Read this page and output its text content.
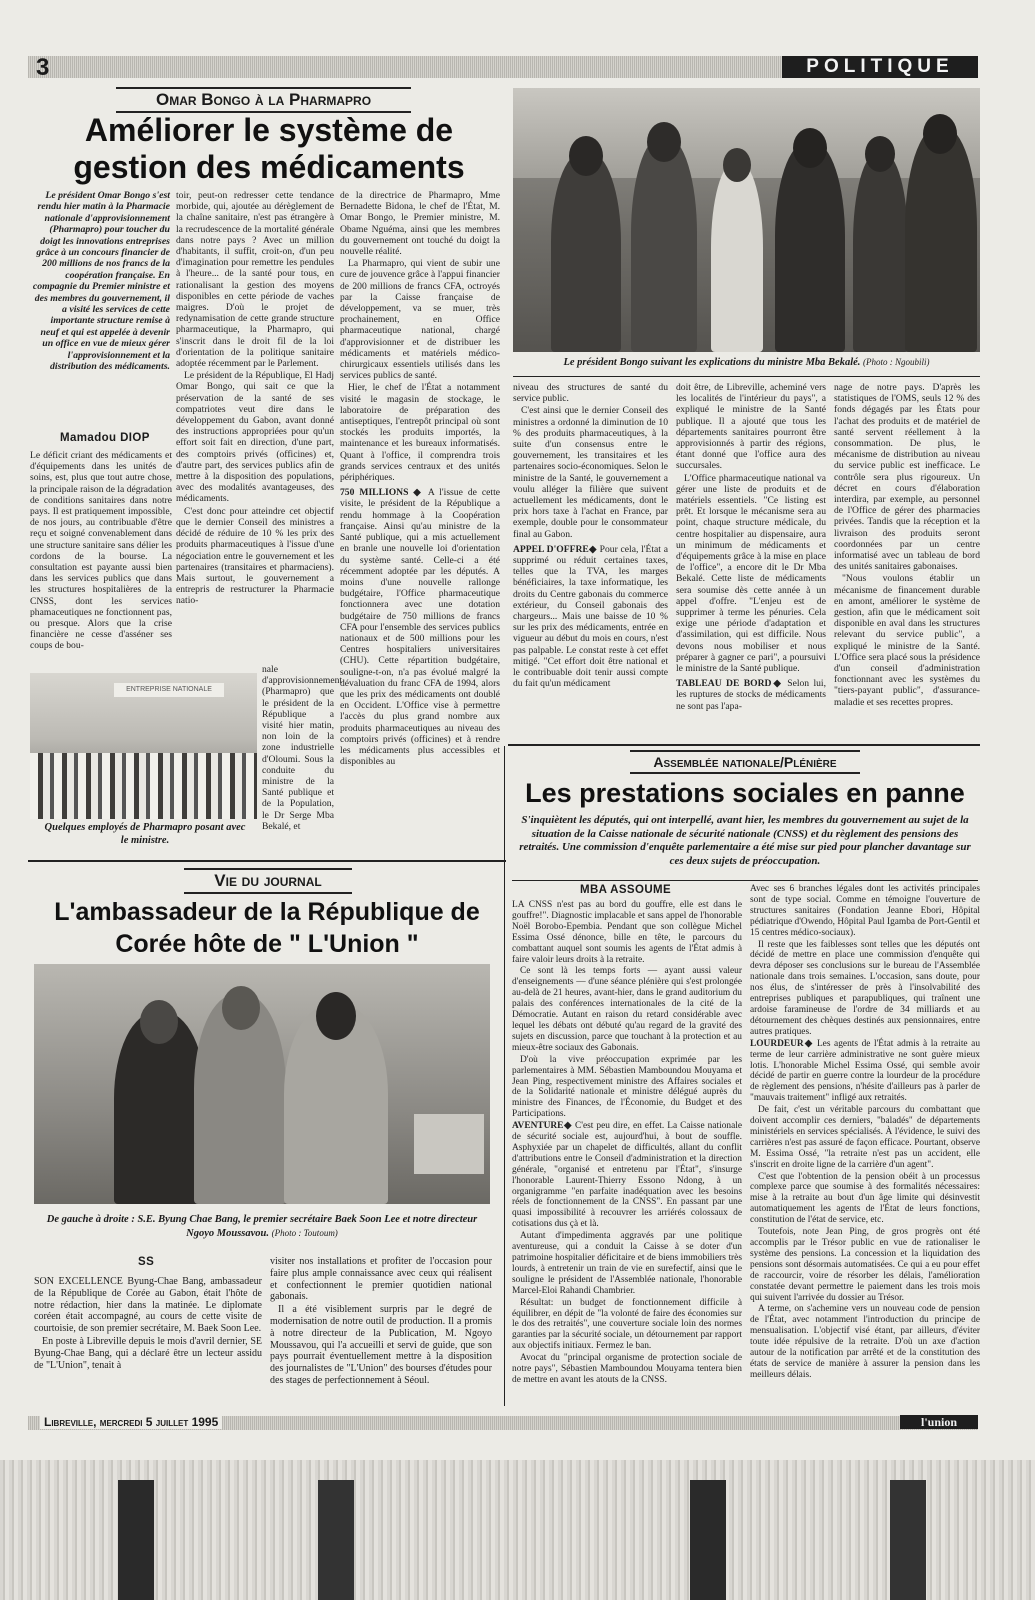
3	POLITIQUE
Omar Bongo à la Pharmapro
Améliorer le système de
gestion des médicaments
Le président Bongo suivant les explications du ministre Mba Bekalé. (Photo : Ngoubili)
Le président Omar Bongo s'est rendu hier matin à la Pharmacie nationale d'approvisionnement (Pharmapro) pour toucher du doigt les innovations entreprises grâce à un concours financier de 200 millions de nos francs de la coopération française. En compagnie du Premier ministre et des membres du gouvernement, il a visité les services de cette importante structure remise à neuf et qui est appelée à devenir un office en vue de mieux gérer l'approvisionnement et la distribution des médicaments.
Mamadou DIOP

Le déficit criant des médicaments et d'équipements dans les unités de soins, est, plus que tout autre chose, la principale raison de la dégradation de conditions sanitaires dans notre pays. Il est pratiquement impossible, de nos jours, au contribuable d'être reçu et soigné convenablement dans une structure sanitaire sans délier les cordons de la bourse. La consultation est payante aussi bien dans les services publics que dans les structures hospitalières de la CNSS, dont les services phamaceutiques ne fonctionnent pas, ou presque. Alors que la crise financière ne cesse d'asséner ses coups de bou-

ENTREPRISE NATIONALE
Quelques employés de Pharmapro posant avec le ministre.

toir, peut-on redresser cette tendance morbide, qui, ajoutée au dérèglement de la chaîne sanitaire, n'est pas étrangère à la recrudescence de la mortalité générale dans notre pays ? Avec un million d'habitants, il suffit, croit-on, d'un peu d'imagination pour remettre les pendules à l'heure... de la santé pour tous, en rationalisant la gestion des moyens disponibles en cette période de vaches maigres. D'où le projet de redynamisation de cette grande structure pharmaceutique, la Pharmapro, qui s'inscrit dans le droit fil de la loi d'orientation de la politique sanitaire adoptée récemment par le Parlement.

Le président de la République, El Hadj Omar Bongo, qui sait ce que la préservation de la santé de ses compatriotes veut dire dans le développement du Gabon, avant donné des instructions appropriées pour qu'un effort soit fait en direction, d'une part, des comptoirs privés (officines) et, d'autre part, des services publics afin de mettre à la disposition des populations, avec des modalités avantageuses, des médicaments.

C'est donc pour atteindre cet objectif que le dernier Conseil des ministres a décidé de réduire de 10 % les prix des produits pharmaceutiques à l'issue d'une négociation entre le gouvernement et les partenaires (transitaires et pharmaciens). Mais surtout, le gouvernement a entrepris de restructurer la Pharmacie natio-

nale d'approvisionnement (Pharmapro) que le président de la République a visité hier matin, non loin de la zone industrielle d'Oloumi. Sous la conduite du ministre de la Santé publique et de la Population, le Dr Serge Mba Bekalé, et

de la directrice de Pharmapro, Mme Bernadette Bidona, le chef de l'État, M. Omar Bongo, le Premier ministre, M. Obame Nguéma, ainsi que les membres du gouvernement ont touché du doigt la nouvelle réalité.

La Pharmapro, qui vient de subir une cure de jouvence grâce à l'appui financier de 200 millions de francs CFA, octroyés par la Caisse française de développement, va se muer, très prochainement, en Office pharmaceutique national, chargé d'approvisionner et de distribuer les médicaments et matériels médico-chirurgicaux essentiels utilisés dans les services publics de santé.

Hier, le chef de l'État a notamment visité le magasin de stockage, le laboratoire de préparation des antiseptiques, l'entrepôt principal où sont stockés les produits importés, la maintenance et les bureaux informatisés. Quant à l'office, il comprendra trois grands services centraux et des unités périphériques.

750 MILLIONS ◆ A l'issue de cette visite, le président de la République a rendu hommage à la Coopération française. Ainsi qu'au ministre de la Santé publique, qui a mis actuellement en branle une nouvelle loi d'orientation du système santé. Celle-ci a été récemment adoptée par les députés. A moins d'une nouvelle rallonge budgétaire, l'Office pharmaceutique fonctionnera avec une dotation budgétaire de 750 millions de francs CFA pour l'ensemble des services publics nationaux et de 500 millions pour les Centres hospitaliers universitaires (CHU). Cette répartition budgétaire, souligne-t-on, n'a pas évolué malgré la dévaluation du franc CFA de 1994, alors que les prix des médicaments ont doublé en Occident. L'Office vise à permettre l'accès du plus grand nombre aux produits pharmaceutiques au niveau des comptoirs privés (officines) et à rendre les médicaments plus accessibles et disponibles au

niveau des structures de santé du service public.

C'est ainsi que le dernier Conseil des ministres a ordonné la diminution de 10 % des produits pharmaceutiques, à la suite d'un consensus entre le gouvernement, les transitaires et les partenaires socio-économiques. Selon le ministre de la Santé, le gouvernement a voulu alléger la filière que suivent actuellement les médicaments, dont le prix hors taxe à l'achat en France, par exemple, double pour le consommateur final au Gabon.

APPEL D'OFFRE◆ Pour cela, l'État a supprimé ou réduit certaines taxes, telles que la TVA, les marges bénéficiaires, la taxe informatique, les droits du Centre gabonais du commerce extérieur, du Conseil gabonais des chargeurs... Mais une baisse de 10 % sur les prix des médicaments, entrée en vigueur au début du mois en cours, n'est pas palpable. Le constat reste à cet effet mitigé. "Cet effort doit être national et le contribuable doit tenir aussi compte du fait qu'un médicament

doit être, de Libreville, acheminé vers les localités de l'intérieur du pays", a expliqué le ministre de la Santé publique. Il a ajouté que tous les départements sanitaires pourront être approvisionnés à partir des régions, étant donné que l'office aura des succursales.

L'Office pharmaceutique national va gérer une liste de produits et de matériels essentiels. "Ce listing est prêt. Et lorsque le mécanisme sera au point, chaque structure médicale, du centre hospitalier au dispensaire, aura un minimum de médicaments et d'équipements grâce à la mise en place de l'office", a encore dit le Dr Mba Bekalé. Cette liste de médicaments sera soumise dès cette année à un appel d'offre. "L'enjeu est de supprimer à terme les pénuries. Cela exige une période d'adaptation et d'assimilation, qui est difficile. Nous devons nous mobiliser et nous préparer à gagner ce pari", a poursuivi le ministre de la Santé publique.

TABLEAU DE BORD◆ Selon lui, les ruptures de stocks de médicaments ne sont pas l'apa-

nage de notre pays. D'après les statistiques de l'OMS, seuls 12 % des fonds dégagés par les États pour l'achat des produits et de matériel de santé servent réellement à la consommation. De plus, le mécanisme de distribution au niveau du service public est inefficace. Le contrôle sera plus rigoureux. Un décret en cours d'élaboration interdira, par exemple, au personnel de l'Office de gérer des pharmacies privées. Tandis que la réception et la livraison des produits seront coordonnées par un centre informatisé avec un tableau de bord des unités sanitaires gabonaises.

"Nous voulons établir un mécanisme de financement durable en amont, améliorer le système de gestion, afin que le médicament soit disponible en aval dans les structures relevant du service public", a expliqué le ministre de la Santé. L'Office sera placé sous la présidence d'un conseil d'administration fonctionnant avec les systèmes du "tiers-payant public", d'assurance-maladie et ses recettes propres.

Vie du journal
L'ambassadeur de la République de
Corée hôte de " L'Union "
De gauche à droite : S.E. Byung Chae Bang, le premier secrétaire Baek Soon Lee et notre directeur Ngoyo Moussavou. (Photo : Toutoum)
SS

SON EXCELLENCE Byung-Chae Bang, ambassadeur de la République de Corée au Gabon, était l'hôte de notre rédaction, hier dans la matinée. Le diplomate coréen était accompagné, au cours de cette visite de courtoisie, de son premier secrétaire, M. Baek Soon Lee.

En poste à Libreville depuis le mois d'avril dernier, SE Byung-Chae Bang, qui a déclaré être un lecteur assidu de "L'Union", tenait à

visiter nos installations et profiter de l'occasion pour faire plus ample connaissance avec ceux qui réalisent et confectionnent le premier quotidien national gabonais.

Il a été visiblement surpris par le degré de modernisation de notre outil de production. Il a promis à notre directeur de la Publication, M. Ngoyo Moussavou, qui l'a accueilli et servi de guide, que son pays pourrait éventuellement mettre à la disposition des journalistes de "L'Union" des bourses d'études pour des stages de perfectionnement à Séoul.

Assemblée nationale/Plénière
Les prestations sociales en panne
S'inquiètent les députés, qui ont interpellé, avant hier, les membres du gouvernement au sujet de la situation de la Caisse nationale de sécurité nationale (CNSS) et du règlement des pensions des retraités. Une commission d'enquête parlementaire a été mise sur pied pour plancher davantage sur ces deux sujets de préoccupation.
MBA ASSOUME

LA CNSS n'est pas au bord du gouffre, elle est dans le gouffre!". Diagnostic implacable et sans appel de l'honorable Noël Borobo-Epembia. Pendant que son collègue Michel Essima Ossé dénonce, bille en tête, le parcours du combattant auquel sont soumis les agents de l'État admis à faire valoir leurs droits à la retraite.

Ce sont là les temps forts — ayant aussi valeur d'enseignements — d'une séance plénière qui s'est prolongée au-delà de 21 heures, avant-hier, dans le grand auditorium du palais des conférences internationales de la cité de la Démocratie. Autant en raison du retard considérable avec lequel les débats ont débuté qu'au regard de la gravité des sujets en discussion, parce que touchant à la protection et au mieux-être sociaux des Gabonais.

D'où la vive préoccupation exprimée par les parlementaires à MM. Sébastien Mamboundou Mouyama et Jean Ping, respectivement ministre des Affaires sociales et de la Solidarité nationale et ministre délégué auprès du ministre des Finances, de l'Économie, du Budget et des Participations.

AVENTURE◆ C'est peu dire, en effet. La Caisse nationale de sécurité sociale est, aujourd'hui, à bout de souffle. Asphyxiée par un chapelet de difficultés, allant du conflit d'attributions entre le Conseil d'administration et la direction générale, "organisé et entretenu par l'État", s'insurge l'honorable Laurent-Thierry Essono Ndong, à un organigramme "en parfaite inadéquation avec les besoins réels de fonctionnement de la CNSS". En passant par une quasi impossibilité à recouvrer les arriérés colossaux de cotisations dus çà et là.

Autant d'impedimenta aggravés par une politique aventureuse, qui a conduit la Caisse à se doter d'un patrimoine hospitalier déficitaire et de biens immobiliers très lourds, à entretenir un train de vie en surefectif, ainsi que le souligne le président de l'Assemblée nationale, l'honorable Marcel-Eloi Rahandi Chambrier.

Résultat: un budget de fonctionnement difficile à équilibrer, en dépit de "la volonté de faire des économies sur le dos des retraités", une couverture sociale loin des normes garanties par la sécurité sociale, un détournement par rapport aux objectifs initiaux. Fermez le ban.

Avocat du "principal organisme de protection sociale de notre pays", Sébastien Mamboundou Mouyama tentera bien de mettre en avant les atouts de la CNSS.

Avec ses 6 branches légales dont les activités principales sont de type social. Comme en témoigne l'ouverture de structures sanitaires (Fondation Jeanne Ebori, Hôpital pédiatrique d'Owendo, Hôpital Paul Igamba de Port-Gentil et 15 centres médico-sociaux).

Il reste que les faiblesses sont telles que les députés ont décidé de mettre en place une commission d'enquête qui devra déposer ses conclusions sur le bureau de l'Assemblée nationale dans trois semaines. L'occasion, sans doute, pour nos élus, de s'intéresser de près à l'insolvabilité des entreprises publiques et parapubliques, qui traînent une ardoise faramineuse de l'ordre de 34 milliards et au détournement des chèques destinés aux pensionnaires, entre autres pratiques.

LOURDEUR◆ Les agents de l'État admis à la retraite au terme de leur carrière administrative ne sont guère mieux lotis. L'honorable Michel Essima Ossé, qui semble avoir décidé de partir en guerre contre la lourdeur de la procédure de règlement des pensions, n'hésite d'ailleurs pas à parler de "mauvais traitement" infligé aux retraités.

De fait, c'est un véritable parcours du combattant que doivent accomplir ces derniers, "baladés" de départements ministériels en services spécialisés. À l'évidence, le suivi des carrières n'est pas assuré de façon efficace. Pourtant, observe M. Essima Ossé, "la retraite n'est pas un accident, elle s'inscrit en droite ligne de la carrière d'un agent".

C'est que l'obtention de la pension obéit à un processus complexe parce que soumise à des formalités nécessaires: mise à la retraite au bout d'un âge limite qui désinvestit automatiquement les agents de l'État de leurs fonctions, constitution de l'état de service, etc.

Toutefois, note Jean Ping, de gros progrès ont été accomplis par le Trésor public en vue de rationaliser le système des pensions. La concession et la liquidation des pensions sont désormais automatisées. Ce qui a eu pour effet de raccourcir, voire de résorber les délais, l'amélioration constatée devant permettre le paiement dans les trois mois qui suivent l'arrivée du dossier au Trésor.

A terme, on s'achemine vers un nouveau code de pension de l'État, avec notamment l'introduction du principe de mensualisation. L'objectif visé étant, par ailleurs, d'éviter toute idée répulsive de la retraite. D'où un axe d'action autour de la notification par arrêté et de la constitution des états de service de manière à assurer la pension dans les meilleurs délais.

Libreville, mercredi 5 juillet 1995	l'union
